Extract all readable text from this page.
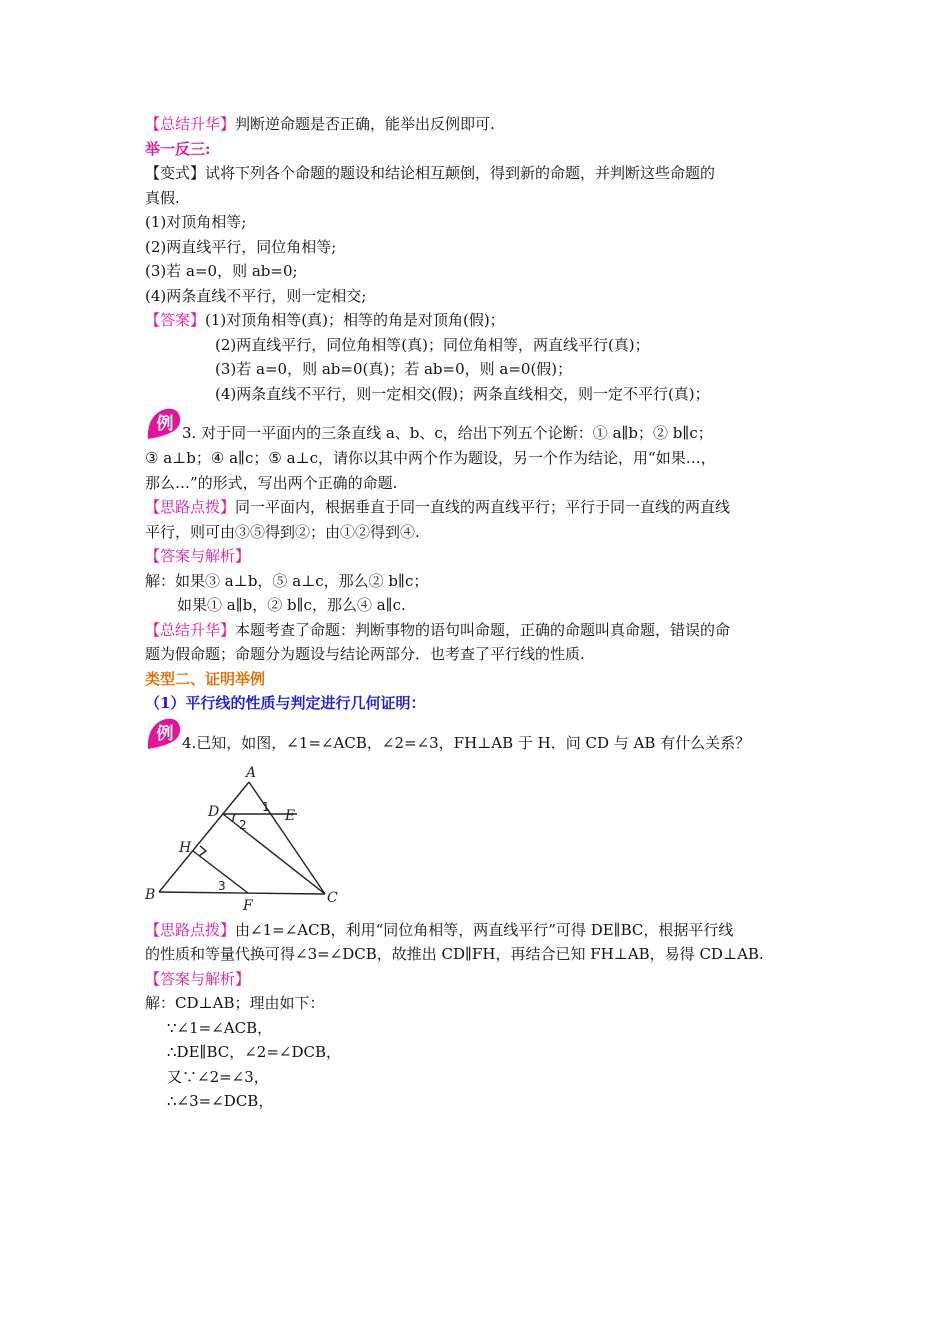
【总结升华】判断逆命题是否正确，能举出反例即可.
举一反三:
【变式】试将下列各个命题的题设和结论相互颠倒，得到新的命题，并判断这些命题的
真假.
(1)对顶角相等;
(2)两直线平行，同位角相等;
(3)若 a=0，则 ab=0;
(4)两条直线不平行，则一定相交;
【答案】(1)对顶角相等(真)；相等的角是对顶角(假)；
(2)两直线平行，同位角相等(真)；同位角相等，两直线平行(真)；
(3)若 a=0，则 ab=0(真)；若 ab=0，则 a=0(假)；
(4)两条直线不平行，则一定相交(假)；两条直线相交，则一定不平行(真)；
例 3. 对于同一平面内的三条直线 a、b、c，给出下列五个论断：① a∥b；② b∥c；
③ a⊥b；④ a∥c；⑤ a⊥c，请你以其中两个作为题设，另一个作为结论，用“如果…，
那么…”的形式，写出两个正确的命题.
【思路点拨】同一平面内，根据垂直于同一直线的两直线平行；平行于同一直线的两直线
平行，则可由③⑤得到②；由①②得到④.
【答案与解析】
解：如果③ a⊥b，⑤ a⊥c，那么② b∥c；
如果① a∥b，② b∥c，那么④ a∥c.
【总结升华】本题考查了命题：判断事物的语句叫命题，正确的命题叫真命题，错误的命
题为假命题；命题分为题设与结论两部分．也考查了平行线的性质.
类型二、证明举例
（1）平行线的性质与判定进行几何证明：
例 4.已知，如图，∠1=∠ACB，∠2=∠3，FH⊥AB 于 H．问 CD 与 AB 有什么关系？
A
B	C
D	E
F
H
1
2
3
【思路点拨】由∠1=∠ACB，利用“同位角相等，两直线平行”可得 DE∥BC，根据平行线
的性质和等量代换可得∠3=∠DCB，故推出 CD∥FH，再结合已知 FH⊥AB，易得 CD⊥AB.
【答案与解析】
解：CD⊥AB；理由如下：
∵∠1=∠ACB，
∴DE∥BC，∠2=∠DCB，
又∵∠2=∠3，
∴∠3=∠DCB，
